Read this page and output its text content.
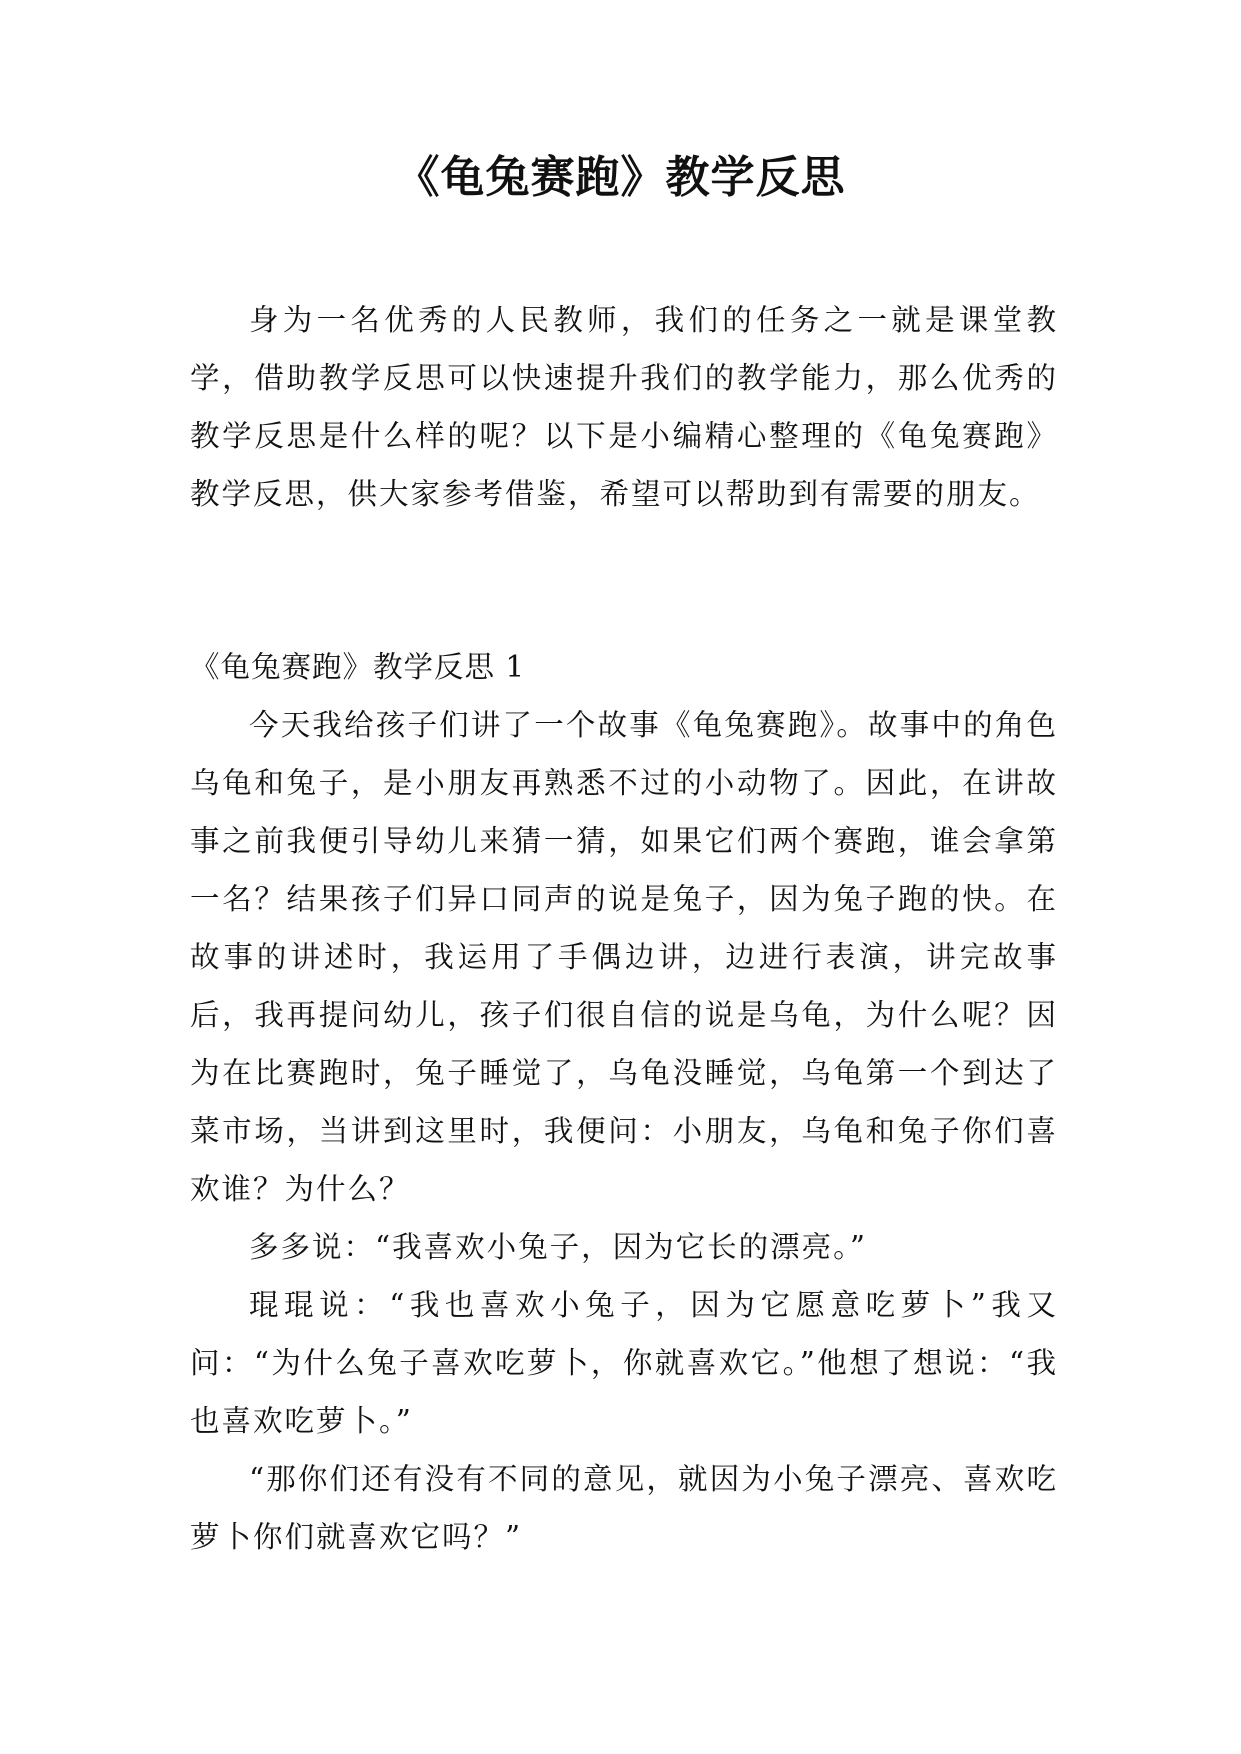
《龟兔赛跑》教学反思

身为一名优秀的人民教师，我们的任务之一就是课堂教学，借助教学反思可以快速提升我们的教学能力，那么优秀的教学反思是什么样的呢？以下是小编精心整理的《龟兔赛跑》教学反思，供大家参考借鉴，希望可以帮助到有需要的朋友。

《龟兔赛跑》教学反思 1

今天我给孩子们讲了一个故事《龟兔赛跑》。故事中的角色乌龟和兔子，是小朋友再熟悉不过的小动物了。因此，在讲故事之前我便引导幼儿来猜一猜，如果它们两个赛跑，谁会拿第一名？结果孩子们异口同声的说是兔子，因为兔子跑的快。在故事的讲述时，我运用了手偶边讲，边进行表演，讲完故事后，我再提问幼儿，孩子们很自信的说是乌龟，为什么呢？因为在比赛跑时，兔子睡觉了，乌龟没睡觉，乌龟第一个到达了菜市场，当讲到这里时，我便问：小朋友，乌龟和兔子你们喜欢谁？为什么？

多多说：“我喜欢小兔子，因为它长的漂亮。”

琨琨说：“我也喜欢小兔子，因为它愿意吃萝卜”我又问：“为什么兔子喜欢吃萝卜，你就喜欢它。”他想了想说：“我也喜欢吃萝卜。”

“那你们还有没有不同的意见，就因为小兔子漂亮、喜欢吃萝卜你们就喜欢它吗？”
